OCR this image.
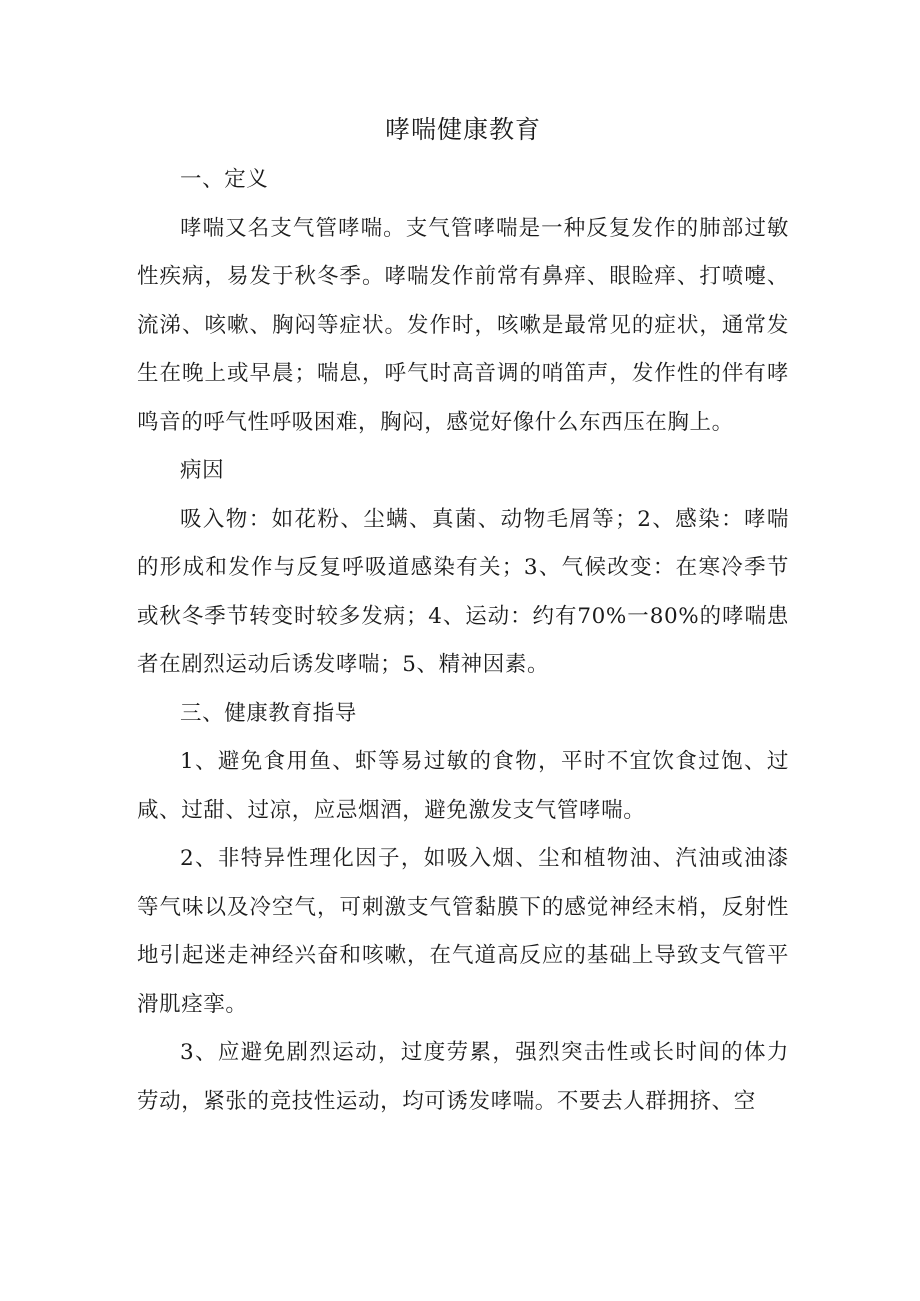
哮喘健康教育

一、定义

哮喘又名支气管哮喘。支气管哮喘是一种反复发作的肺部过敏性疾病，易发于秋冬季。哮喘发作前常有鼻痒、眼睑痒、打喷嚏、流涕、咳嗽、胸闷等症状。发作时，咳嗽是最常见的症状，通常发生在晚上或早晨；喘息，呼气时高音调的哨笛声，发作性的伴有哮鸣音的呼气性呼吸困难，胸闷，感觉好像什么东西压在胸上。

病因

吸入物：如花粉、尘螨、真菌、动物毛屑等；2、感染：哮喘的形成和发作与反复呼吸道感染有关；3、气候改变：在寒冷季节或秋冬季节转变时较多发病；4、运动：约有70%一80%的哮喘患者在剧烈运动后诱发哮喘；5、精神因素。

三、健康教育指导

1、避免食用鱼、虾等易过敏的食物，平时不宜饮食过饱、过咸、过甜、过凉，应忌烟酒，避免激发支气管哮喘。

2、非特异性理化因子，如吸入烟、尘和植物油、汽油或油漆等气味以及冷空气，可刺激支气管黏膜下的感觉神经末梢，反射性地引起迷走神经兴奋和咳嗽，在气道高反应的基础上导致支气管平滑肌痉挛。

3、应避免剧烈运动，过度劳累，强烈突击性或长时间的体力劳动，紧张的竞技性运动，均可诱发哮喘。不要去人群拥挤、空
